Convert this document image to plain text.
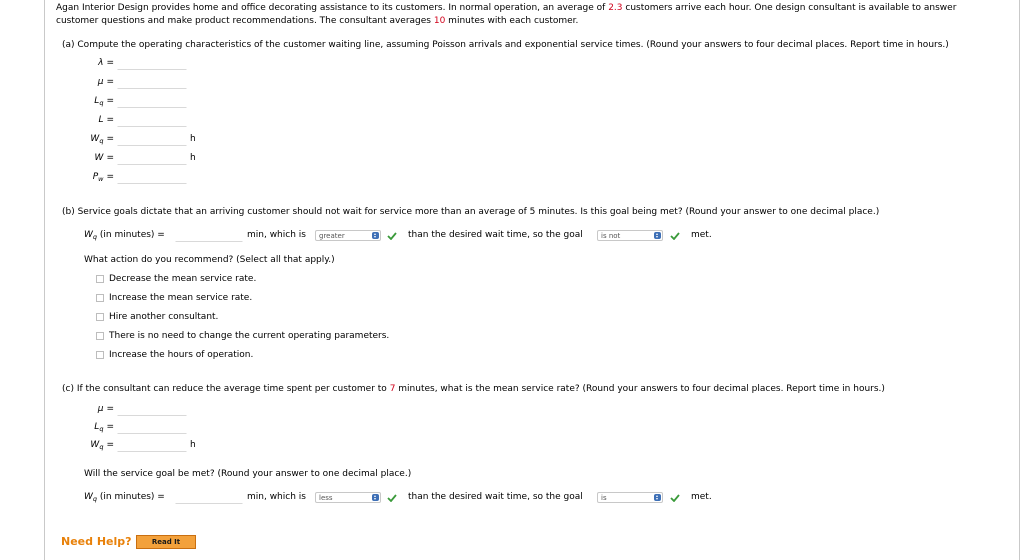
Agan Interior Design provides home and office decorating assistance to its customers. In normal operation, an average of 2.3 customers arrive each hour. One design consultant is available to answer
customer questions and make product recommendations. The consultant averages 10 minutes with each customer.
(a) Compute the operating characteristics of the customer waiting line, assuming Poisson arrivals and exponential service times. (Round your answers to four decimal places. Report time in hours.)
λ =
μ =
$L_q$ =
L =
$W_q$ =	h
W =	h
$P_w$ =
(b) Service goals dictate that an arriving customer should not wait for service more than an average of 5 minutes. Is this goal being met? (Round your answer to one decimal place.)
$W_q$ (in minutes) =	min, which is	greater	than the desired wait time, so the goal	is not	met.
What action do you recommend? (Select all that apply.)
Decrease the mean service rate.
Increase the mean service rate.
Hire another consultant.
There is no need to change the current operating parameters.
Increase the hours of operation.
(c) If the consultant can reduce the average time spent per customer to 7 minutes, what is the mean service rate? (Round your answers to four decimal places. Report time in hours.)
μ =
$L_q$ =
$W_q$ =	h
Will the service goal be met? (Round your answer to one decimal place.)
$W_q$ (in minutes) =	min, which is	less	than the desired wait time, so the goal	is	met.
Need Help?	Read It
